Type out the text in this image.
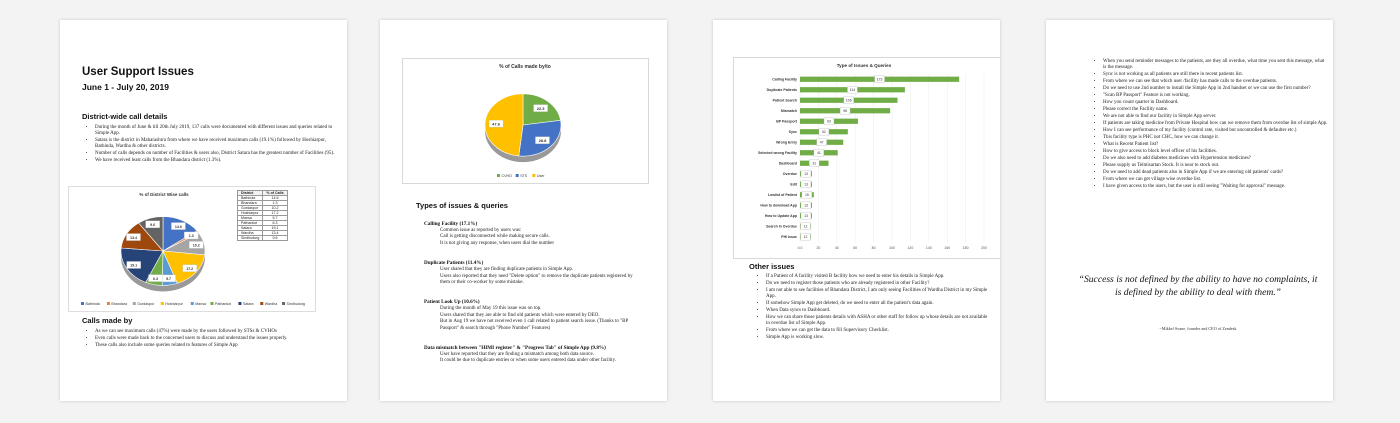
User Support Issues
June 1 - July 20, 2019
District-wide call details
• During the month of June & till 20th July 2019, 137 calls were documented with different issues and queries related to Simple App.
• Satara is the district in Maharashtra from where we have received maximum calls (19.1%) followed by Hoshiarpur, Bathinda, Wardha & other districts.
• Number of calls depends on number of Facilities & users also, District Satara has the greatest number of Facilities (95).
• We have received least calls from the Bhandara district (1.3%).
% of District Wise calls
14.6
1.3
10.2
17.2
5.7
6.3
19.1
13.4
9.6
Bathinda	Bhandara	Gurdaspur	Hoshiarpur	Mansa Pathankot	Satara	Wardha	Sindhudurg
District	% of Calls
Bathinda	14.6
Bhandara	1.3
Gurdaspur	10.2
Hoshiarpur	17.2
Mansa	5.7
Pathankot	6.3
Satara	19.1
Wardha	13.4
Sindhudurg	9.6
Calls made by
• As we can see maximum calls (47%) were made by the users followed by STSs & CVHOs
• Even calls were made back to the concerned users to discuss and understand the issues properly.
• These calls also include some queries related to features of Simple App
% of Calls made by/to
22.3
28.8
47.6
CVHO STS	User
Types of issues & queries
Calling Facility (17.1%)
Common issue as reported by users was:
Call is getting disconnected while making secure calls.
It is not giving any response, when users dial the number
Duplicate Patients (11.4%)
User shared that they are finding duplicate patients in Simple App.
Users also reported that they need "Delete option" to remove the duplicate patients registered by them or their co-worker by some mistake.
Patient Look Up (10.6%)
During the month of May 19 this issue was on top.
Users shared that they are able to find old patients which were entered by DEO.
But in Aug 19 we have not received even 1 call related to patient search issue. (Thanks to "BP Passport" & search through "Phone Number" Features)
Data mismatch between "HIMI register" & "Progress Tab" of Simple App (9.8%)
User have reported that they are finding a mismatch among both data source.
It could be due to duplicate entries or when some users entered data under other facility.
Type of Issues & Queries
0.0	20	40	60	80	100	120	140	160	180	200
Calling Facility	173
Duplicate Patients	114
Patient Search	106
Mismatch	98
BP Passport	63
Sync	52
Wrong Entry	47
Selected wrong Facility	41
Dashboard	31
Overdue 13
Edit 13
Lowlist of Patient 15
How to download App 13
How to Update App 13
Search in Overdue 12
PHI Issue 12
Other issues
• If a Patient of A facility visited B facility how we need to enter his details in Simple App.
• Do we need to register those patients who are already registered in other Facility?
• I am not able to see facilities of Bhandara District, I am only seeing Facilities of Wardha District in my Simple App.
• If somehow Simple App get deleted, do we need to enter all the patient's data again.
• When Data syncs to Dashboard.
• How we can share those patients details with ASHA or other staff for follow up whose details are not available in overdue list of Simple App.
• From where we can get the data to fill Supervisory Checklist.
• Simple App is working slow.
• When you send reminder messages to the patients, are they all overdue, what time you sent this message, what is the message.
• Sync is not working as all patients are still there in recent patients list.
• From where we can see that which user /facility has made calls to the overdue patients.
• Do we need to use 2nd number to install the Simple App in 2nd handset or we can use the first number?
• "Scan BP Passport" Feature is not working.
• How you count quarter in Dashboard.
• Please correct the Facility name.
• We are not able to find our facility in Simple App server.
• If patients are taking medicine from Private Hospital how can we remove them from overdue list of simple App.
• How I can see performance of my facility (control rate, visited but uncontrolled & defaulter etc.)
• This facility type is PHC not CHC, how we can change it.
• What is Recent Patient list?
• How to give access to block level officer of his facilities.
• Do we also need to add diabetes medicines with Hypertension medicines?
• Please supply us Telmisartan Stock. It is near to stock out.
• Do we need to add dead patients also in Simple App if we are entering old patients' cards?
• From where we can get village wise overdue list.
• I have given access to the users, but the user is still seeing "Waiting for approval" message.
“Success is not defined by the ability to have no complaints, it is defined by the ability to deal with them.”
~Mikkel Svane, founder and CEO of Zendesk
